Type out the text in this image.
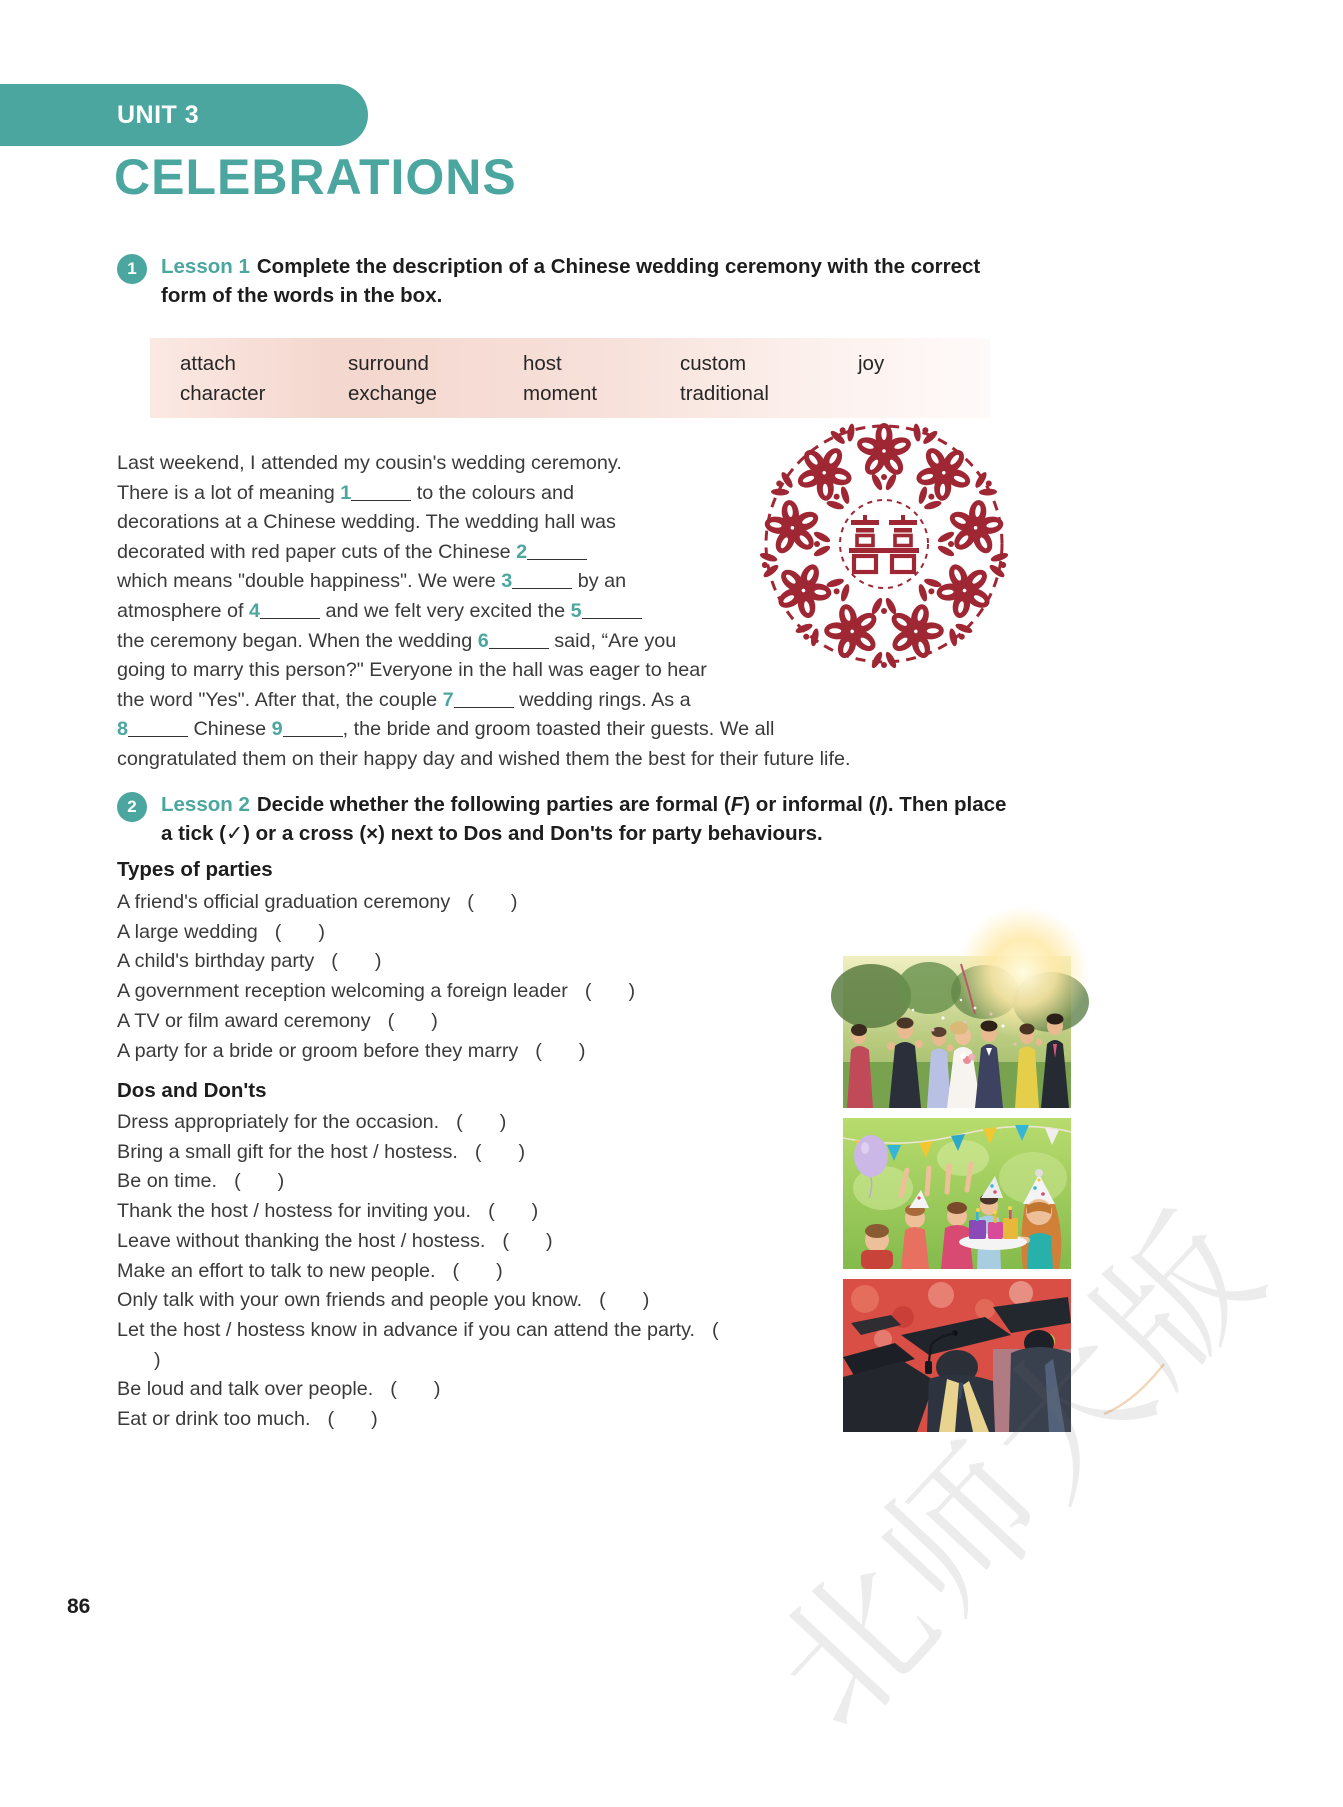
UNIT 3
CELEBRATIONS
1	Lesson 1 Complete the description of a Chinese wedding ceremony with the correct
form of the words in the box.
attach	surround	host	custom	joy
character	exchange	moment	traditional
Last weekend, I attended my cousin's wedding ceremony.
There is a lot of meaning 1	to the colours and
decorations at a Chinese wedding. The wedding hall was
decorated with red paper cuts of the Chinese 2
which means "double happiness". We were 3	by an
atmosphere of 4	and we felt very excited the 5
the ceremony began. When the wedding 6	said, “Are you
going to marry this person?" Everyone in the hall was eager to hear
the word "Yes". After that, the couple 7	wedding rings. As a
8	Chinese 9	, the bride and groom toasted their guests. We all
congratulated them on their happy day and wished them the best for their future life.
2	Lesson 2 Decide whether the following parties are formal (F) or informal (I). Then place
a tick (✓) or a cross (×) next to Dos and Don'ts for party behaviours.
Types of parties
A friend's official graduation ceremony ( )
A large wedding ( )
A child's birthday party ( )
A government reception welcoming a foreign leader ( )
A TV or film award ceremony ( )
A party for a bride or groom before they marry ( )
Dos and Don'ts
Dress appropriately for the occasion. ( )
Bring a small gift for the host / hostess. ( )
Be on time. ( )
Thank the host / hostess for inviting you. ( )
Leave without thanking the host / hostess. ( )
Make an effort to talk to new people. ( )
Only talk with your own friends and people you know. ( )
Let the host / hostess know in advance if you can attend the party. ()
Be loud and talk over people. ( )
Eat or drink too much. ( )
86	北师大版
